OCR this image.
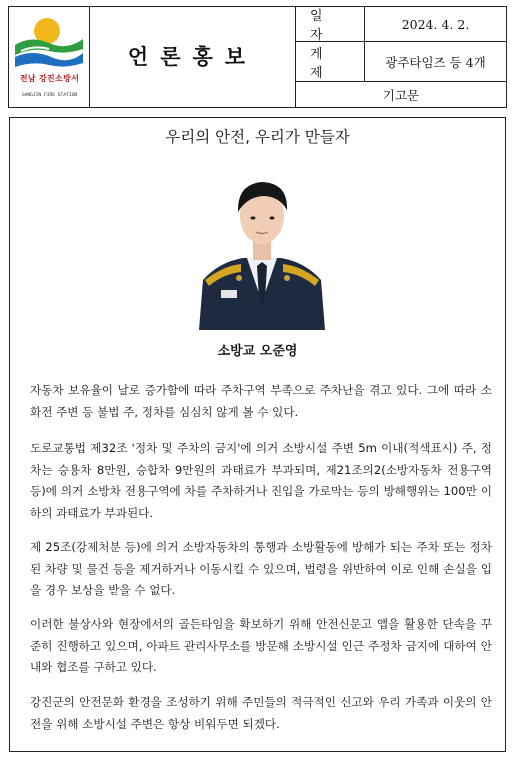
전남 강진소방서
GANGJIN FIRE STATION
언론홍보
일자
2024. 4. 2.
게제
광주타임즈 등 4개
기고문
우리의 안전, 우리가 만들자
소방교 오준영

자동차 보유율이 날로 증가함에 따라 주차구역 부족으로 주차난을 겪고 있다. 그에 따라 소화전 주변 등 불법 주, 정차를 심심치 않게 볼 수 있다.

도로교통법 제32조 '정차 및 주차의 금지'에 의거 소방시설 주변 5m 이내(적색표시) 주, 정차는 승용차 8만원, 승합차 9만원의 과태료가 부과되며, 제21조의2(소방자동차 전용구역 등)에 의거 소방차 전용구역에 차를 주차하거나 진입을 가로막는 등의 방해행위는 100만 이하의 과태료가 부과된다.

제 25조(강제처분 등)에 의거 소방자동차의 통행과 소방활동에 방해가 되는 주차 또는 정차된 차량 및 물건 등을 제거하거나 이동시킬 수 있으며, 법령을 위반하여 이로 인해 손실을 입을 경우 보상을 받을 수 없다.

이러한 불상사와 현장에서의 골든타임을 확보하기 위해 안전신문고 앱을 활용한 단속을 꾸준히 진행하고 있으며, 아파트 관리사무소를 방문해 소방시설 인근 주정차 금지에 대하여 안내와 협조를 구하고 있다.

강진군의 안전문화 환경을 조성하기 위해 주민들의 적극적인 신고와 우리 가족과 이웃의 안전을 위해 소방시설 주변은 항상 비워두면 되겠다.
